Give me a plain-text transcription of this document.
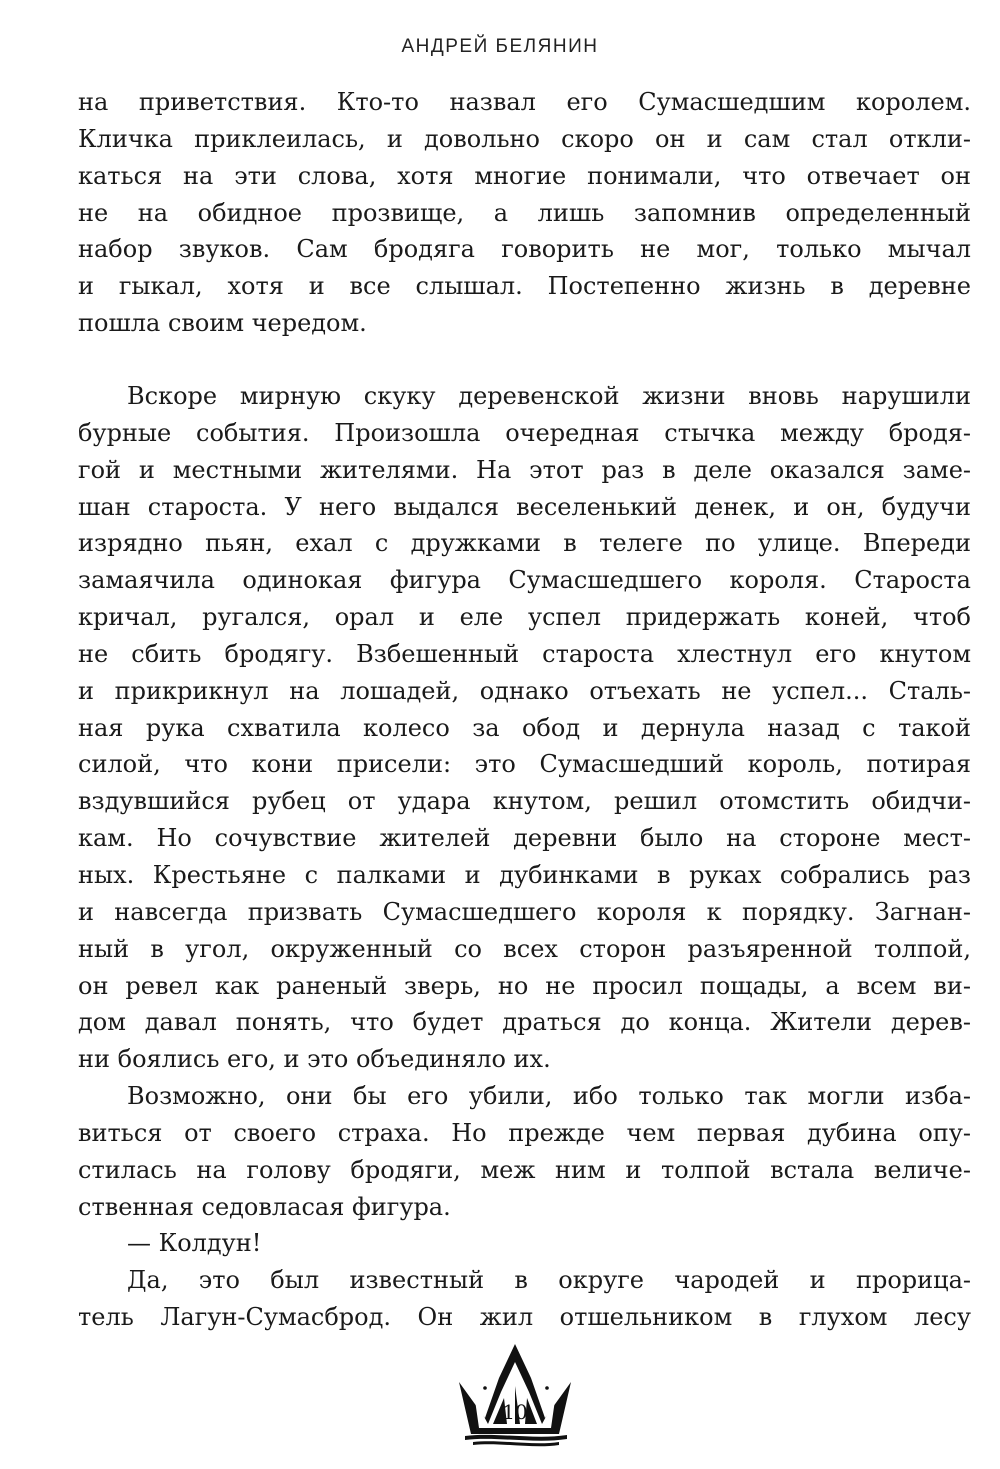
АНДРЕЙ БЕЛЯНИН
на приветствия. Кто-то назвал его Сумасшедшим королем.
Кличка приклеилась, и довольно скоро он и сам стал откли-
каться на эти слова, хотя многие понимали, что отвечает он
не на обидное прозвище, а лишь запомнив определенный
набор звуков. Сам бродяга говорить не мог, только мычал
и гыкал, хотя и все слышал. Постепенно жизнь в деревне
пошла своим чередом.
Вскоре мирную скуку деревенской жизни вновь нарушили
бурные события. Произошла очередная стычка между бродя-
гой и местными жителями. На этот раз в деле оказался заме-
шан староста. У него выдался веселенький денек, и он, будучи
изрядно пьян, ехал с дружками в телеге по улице. Впереди
замаячила одинокая фигура Сумасшедшего короля. Староста
кричал, ругался, орал и еле успел придержать коней, чтоб
не сбить бродягу. Взбешенный староста хлестнул его кнутом
и прикрикнул на лошадей, однако отъехать не успел... Сталь-
ная рука схватила колесо за обод и дернула назад с такой
силой, что кони присели: это Сумасшедший король, потирая
вздувшийся рубец от удара кнутом, решил отомстить обидчи-
кам. Но сочувствие жителей деревни было на стороне мест-
ных. Крестьяне с палками и дубинками в руках собрались раз
и навсегда призвать Сумасшедшего короля к порядку. Загнан-
ный в угол, окруженный со всех сторон разъяренной толпой,
он ревел как раненый зверь, но не просил пощады, а всем ви-
дом давал понять, что будет драться до конца. Жители дерев-
ни боялись его, и это объединяло их.
Возможно, они бы его убили, ибо только так могли изба-
виться от своего страха. Но прежде чем первая дубина опу-
стилась на голову бродяги, меж ним и толпой встала величе-
ственная седовласая фигура.
— Колдун!
Да, это был известный в округе чародей и прорица-
тель Лагун-Сумасброд. Он жил отшельником в глухом лесу
10
